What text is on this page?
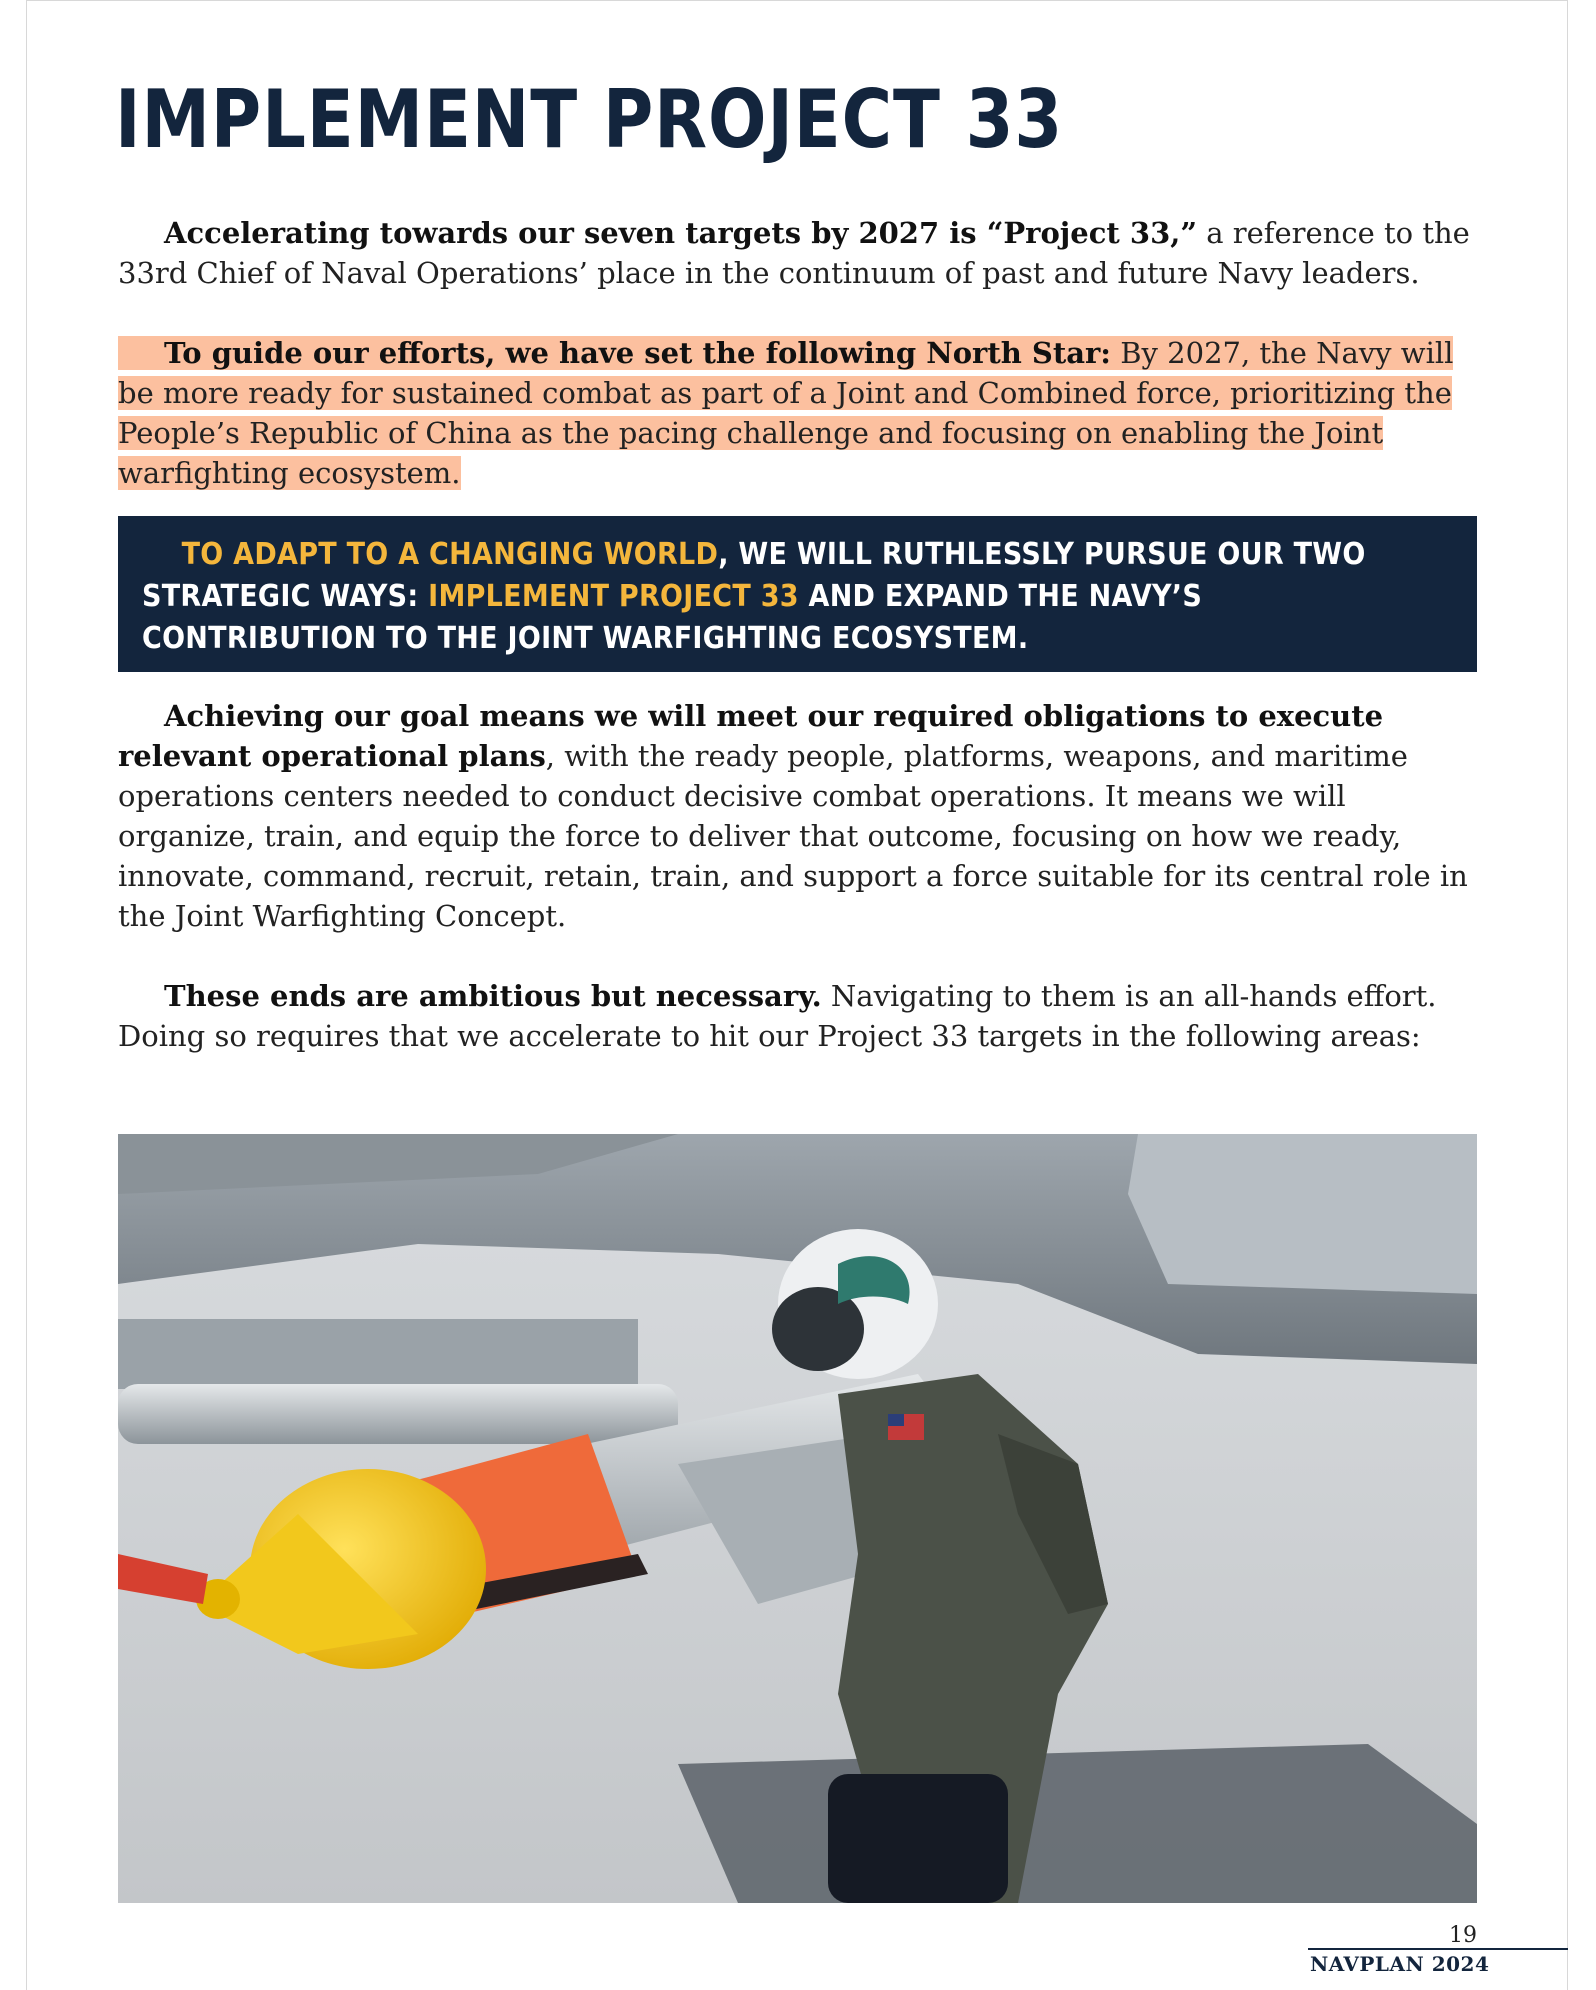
IMPLEMENT PROJECT 33

Accelerating towards our seven targets by 2027 is “Project 33,” a reference to the 33rd Chief of Naval Operations’ place in the continuum of past and future Navy leaders.

To guide our efforts, we have set the following North Star: By 2027, the Navy will be more ready for sustained combat as part of a Joint and Combined force, prioritizing the People’s Republic of China as the pacing challenge and focusing on enabling the Joint warfighting ecosystem.

TO ADAPT TO A CHANGING WORLD, WE WILL RUTHLESSLY PURSUE OUR TWO STRATEGIC WAYS: IMPLEMENT PROJECT 33 AND EXPAND THE NAVY’S CONTRIBUTION TO THE JOINT WARFIGHTING ECOSYSTEM.

Achieving our goal means we will meet our required obligations to execute relevant operational plans, with the ready people, platforms, weapons, and maritime operations centers needed to conduct decisive combat operations. It means we will organize, train, and equip the force to deliver that outcome, focusing on how we ready, innovate, command, recruit, retain, train, and support a force suitable for its central role in the Joint Warfighting Concept.

These ends are ambitious but necessary. Navigating to them is an all-hands effort. Doing so requires that we accelerate to hit our Project 33 targets in the following areas:

19
NAVPLAN 2024
